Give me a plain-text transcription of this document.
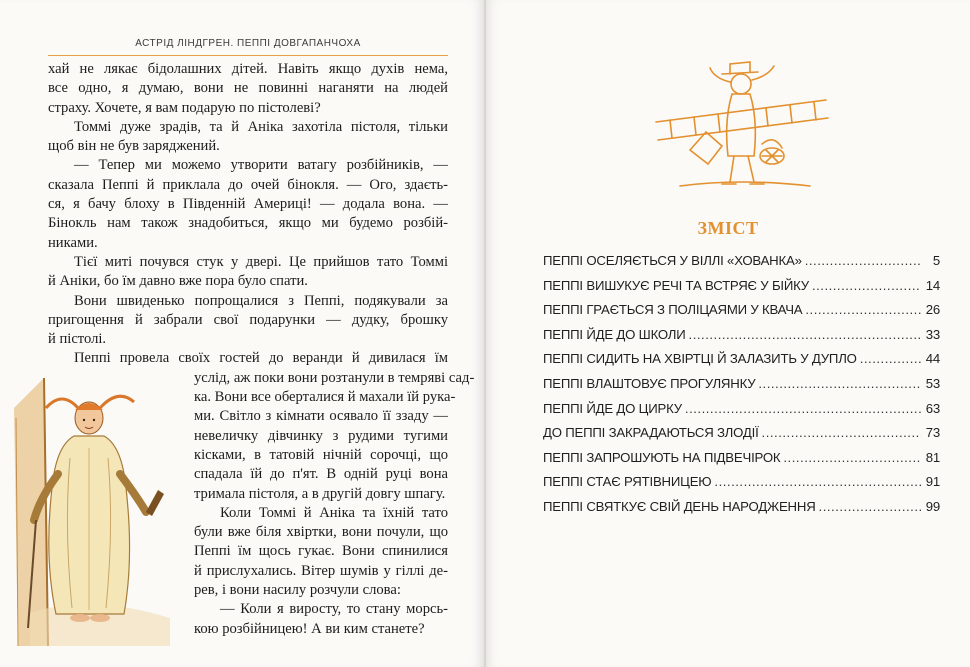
АСТРІД ЛІНДГРЕН. ПЕППІ ДОВГАПАНЧОХА
хай не лякає бідолашних дітей. Навіть якщо духів нема,
все одно, я думаю, вони не повинні наганяти на людей
страху. Хочете, я вам подарую по пістолеві?
Томмі дуже зрадів, та й Аніка захотіла пістоля, тільки
щоб він не був заряджений.
— Тепер ми можемо утворити ватагу розбійників, —
сказала Пеппі й приклала до очей бінокля. — Ого, здаєть-
ся, я бачу блоху в Південній Америці! — додала вона. —
Бінокль нам також знадобиться, якщо ми будемо розбій-
никами.
Тієї миті почувся стук у двері. Це прийшов тато Томмі
й Аніки, бо їм давно вже пора було спати.
Вони швиденько попрощалися з Пеппі, подякували за
пригощення й забрали свої подарунки — дудку, брошку
й пістолі.
Пеппі провела своїх гостей до веранди й дивилася їм
услід, аж поки вони розтанули в темряві сад-
ка. Вони все оберталися й махали їй рука-
ми. Світло з кімнати осявало її ззаду —
невеличку дівчинку з рудими тугими
кісками, в татовій нічній сорочці, що
спадала їй до п'ят. В одній руці вона
тримала пістоля, а в другій довгу шпагу.
Коли Томмі й Аніка та їхній тато
були вже біля хвіртки, вони почули, що
Пеппі їм щось гукає. Вони спинилися
й прислухались. Вітер шумів у гіллі де-
рев, і вони насилу розчули слова:
— Коли я виросту, то стану морсь-
кою розбійницею! А ви ким станете?
ЗМІСТ
ПЕППІ ОСЕЛЯЄТЬСЯ У ВІЛЛІ «ХОВАНКА» .....	5
ПЕППІ ВИШУКУЄ РЕЧІ ТА ВСТРЯЄ У БІЙКУ .....	14
ПЕППІ ГРАЄТЬСЯ З ПОЛІЦАЯМИ У КВАЧА .....	26
ПЕППІ ЙДЕ ДО ШКОЛИ .....	33
ПЕППІ СИДИТЬ НА ХВІРТЦІ Й ЗАЛАЗИТЬ У ДУПЛО .....	44
ПЕППІ ВЛАШТОВУЄ ПРОГУЛЯНКУ .....	53
ПЕППІ ЙДЕ ДО ЦИРКУ .....	63
ДО ПЕППІ ЗАКРАДАЮТЬСЯ ЗЛОДІЇ .....	73
ПЕППІ ЗАПРОШУЮТЬ НА ПІДВЕЧІРОК .....	81
ПЕППІ СТАЄ РЯТІВНИЦЕЮ .....	91
ПЕППІ СВЯТКУЄ СВІЙ ДЕНЬ НАРОДЖЕННЯ .....	99
